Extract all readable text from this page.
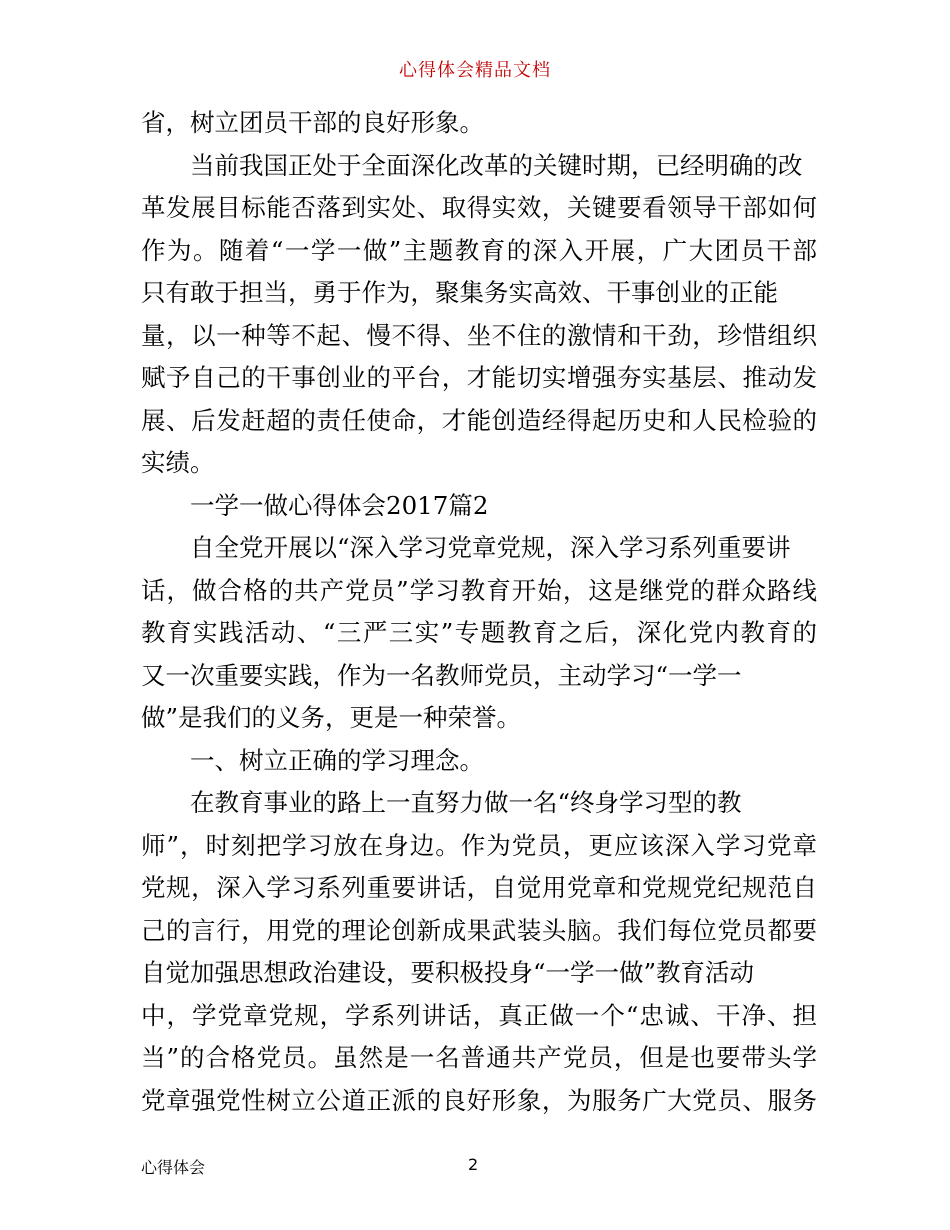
心得体会精品文档
省，树立团员干部的良好形象。
当前我国正处于全面深化改革的关键时期，已经明确的改
革发展目标能否落到实处、取得实效，关键要看领导干部如何
作为。随着“一学一做”主题教育的深入开展，广大团员干部
只有敢于担当，勇于作为，聚集务实高效、干事创业的正能
量，以一种等不起、慢不得、坐不住的激情和干劲，珍惜组织
赋予自己的干事创业的平台，才能切实增强夯实基层、推动发
展、后发赶超的责任使命，才能创造经得起历史和人民检验的
实绩。
一学一做心得体会2017篇2
自全党开展以“深入学习党章党规，深入学习系列重要讲
话，做合格的共产党员”学习教育开始，这是继党的群众路线
教育实践活动、“三严三实”专题教育之后，深化党内教育的
又一次重要实践，作为一名教师党员，主动学习“一学一
做”是我们的义务，更是一种荣誉。
一、树立正确的学习理念。
在教育事业的路上一直努力做一名“终身学习型的教
师”，时刻把学习放在身边。作为党员，更应该深入学习党章
党规，深入学习系列重要讲话，自觉用党章和党规党纪规范自
己的言行，用党的理论创新成果武装头脑。我们每位党员都要
自觉加强思想政治建设，要积极投身“一学一做”教育活动
中，学党章党规，学系列讲话，真正做一个“忠诚、干净、担
当”的合格党员。虽然是一名普通共产党员，但是也要带头学
党章强党性树立公道正派的良好形象，为服务广大党员、服务
心得体会	2
